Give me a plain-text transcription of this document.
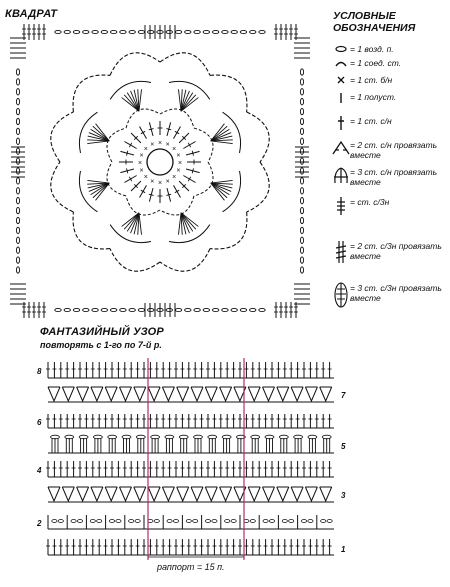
КВАДРАТ
×
×
×
×
×
×
×
×
×
×
×
× × ×
×
×
УСЛОВНЫЕ
ОБОЗНАЧЕНИЯ
= 1 возд. п.
= 1 соед. ст.
= 1 ст. б/н
= 1 полуст.
= 1 ст. с/н
= 2 ст. с/н провязать вместе
= 3 ст. с/н провязать вместе
= ст. с/3н
= 2 ст. с/3н провязать вместе
= 3 ст. с/3н провязать вместе
ФАНТАЗИЙНЫЙ УЗОР
повторять с 1-го по 7-й р.
8
6
4
2
7
5
3
1
раппорт = 15 п.
